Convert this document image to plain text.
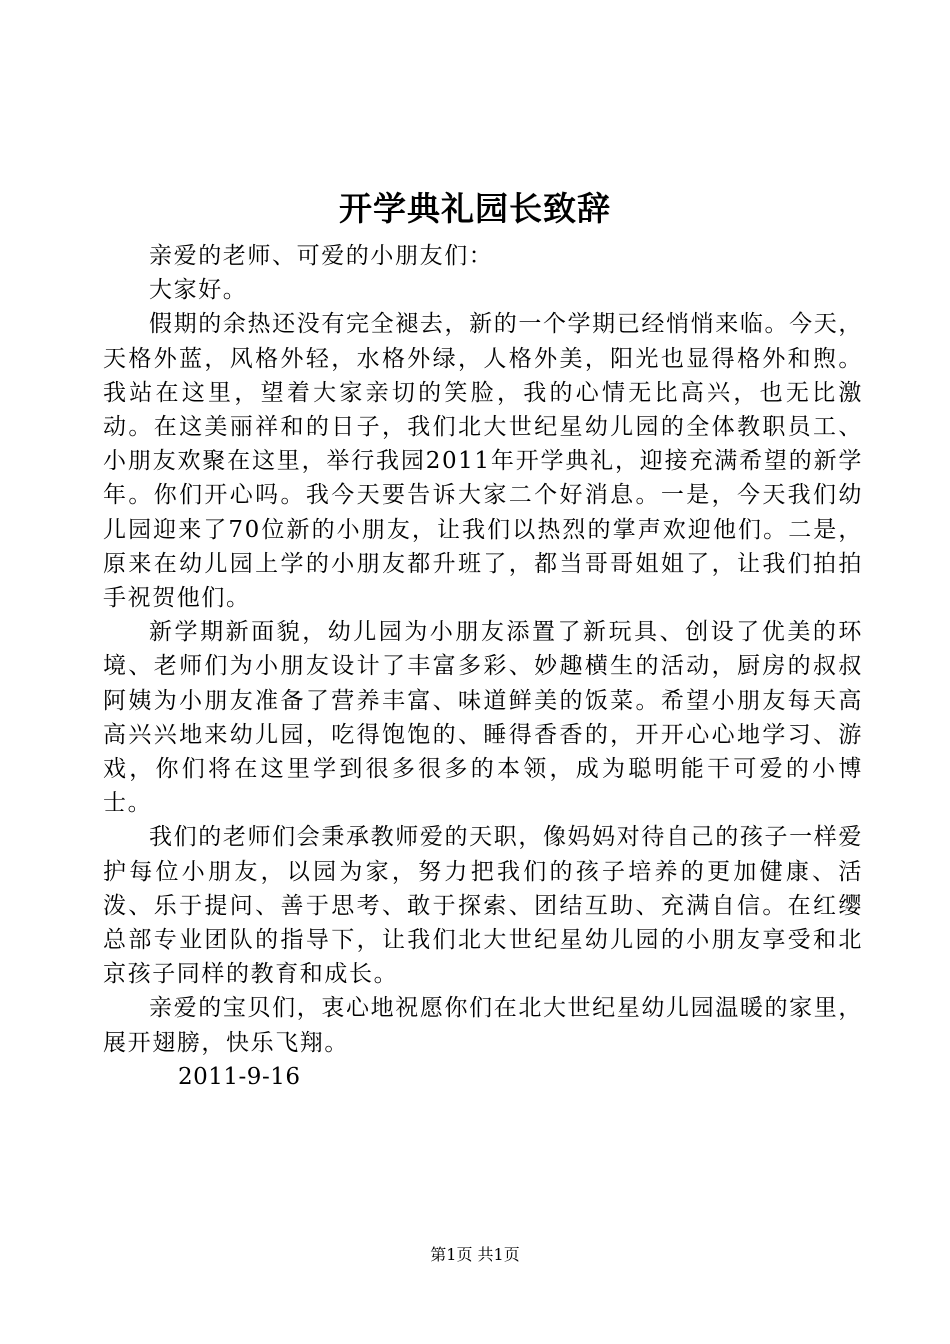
开学典礼园长致辞

亲爱的老师、可爱的小朋友们：

大家好。

假期的余热还没有完全褪去，新的一个学期已经悄悄来临。今天，天格外蓝，风格外轻，水格外绿，人格外美，阳光也显得格外和煦。我站在这里，望着大家亲切的笑脸，我的心情无比高兴，也无比激动。在这美丽祥和的日子，我们北大世纪星幼儿园的全体教职员工、小朋友欢聚在这里，举行我园2011年开学典礼，迎接充满希望的新学年。你们开心吗。我今天要告诉大家二个好消息。一是，今天我们幼儿园迎来了70位新的小朋友，让我们以热烈的掌声欢迎他们。二是，原来在幼儿园上学的小朋友都升班了，都当哥哥姐姐了，让我们拍拍手祝贺他们。

新学期新面貌，幼儿园为小朋友添置了新玩具、创设了优美的环境、老师们为小朋友设计了丰富多彩、妙趣横生的活动，厨房的叔叔阿姨为小朋友准备了营养丰富、味道鲜美的饭菜。希望小朋友每天高高兴兴地来幼儿园，吃得饱饱的、睡得香香的，开开心心地学习、游戏，你们将在这里学到很多很多的本领，成为聪明能干可爱的小博士。

我们的老师们会秉承教师爱的天职，像妈妈对待自己的孩子一样爱护每位小朋友，以园为家，努力把我们的孩子培养的更加健康、活泼、乐于提问、善于思考、敢于探索、团结互助、充满自信。在红缨总部专业团队的指导下，让我们北大世纪星幼儿园的小朋友享受和北京孩子同样的教育和成长。

亲爱的宝贝们，衷心地祝愿你们在北大世纪星幼儿园温暖的家里，展开翅膀，快乐飞翔。

2011-9-16

第1页 共1页
